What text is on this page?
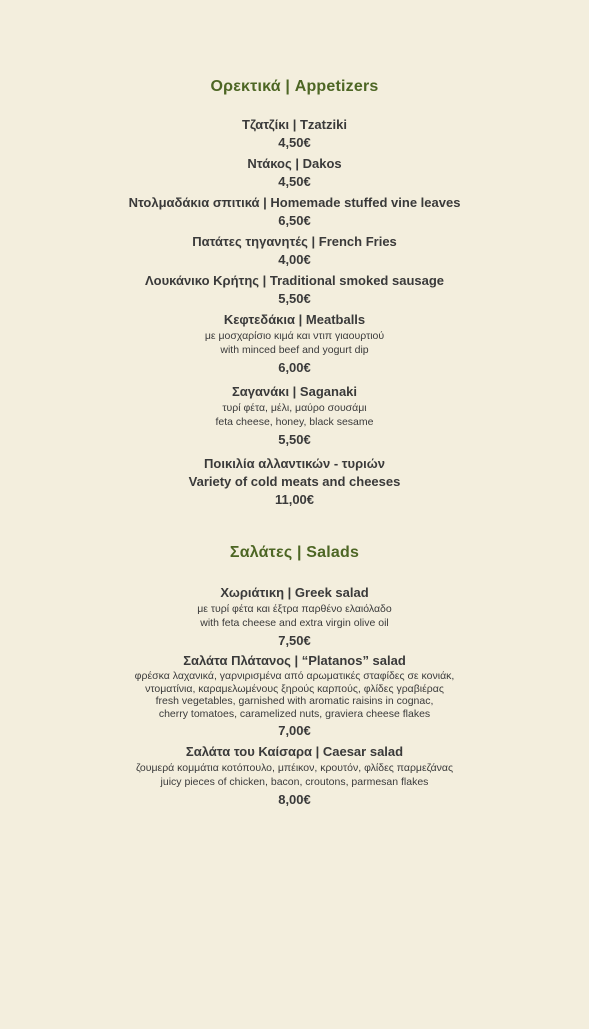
Ορεκτικά | Appetizers
Τζατζίκι | Tzatziki
4,50€
Ντάκος | Dakos
4,50€
Ντολμαδάκια σπιτικά | Homemade stuffed vine leaves
6,50€
Πατάτες τηγανητές | French Fries
4,00€
Λουκάνικο Κρήτης | Traditional smoked sausage
5,50€
Κεφτεδάκια | Meatballs
με μοσχαρίσιο κιμά και ντιπ γιαουρτιού
with minced beef and yogurt dip
6,00€
Σαγανάκι | Saganaki
τυρί φέτα, μέλι, μαύρο σουσάμι
feta cheese, honey, black sesame
5,50€
Ποικιλία αλλαντικών - τυριών
Variety of cold meats and cheeses
11,00€
Σαλάτες | Salads
Χωριάτικη | Greek salad
με τυρί φέτα και έξτρα παρθένο ελαιόλαδο
with feta cheese and extra virgin olive oil
7,50€
Σαλάτα Πλάτανος | “Platanos” salad
φρέσκα λαχανικά, γαρνιρισμένα από αρωματικές σταφίδες σε κονιάκ,
ντοματίνια, καραμελωμένους ξηρούς καρπούς, φλίδες γραβιέρας
fresh vegetables, garnished with aromatic raisins in cognac,
cherry tomatoes, caramelized nuts, graviera cheese flakes
7,00€
Σαλάτα του Καίσαρα | Caesar salad
ζουμερά κομμάτια κοτόπουλο, μπέικον, κρουτόν, φλίδες παρμεζάνας
juicy pieces of chicken, bacon, croutons, parmesan flakes
8,00€
